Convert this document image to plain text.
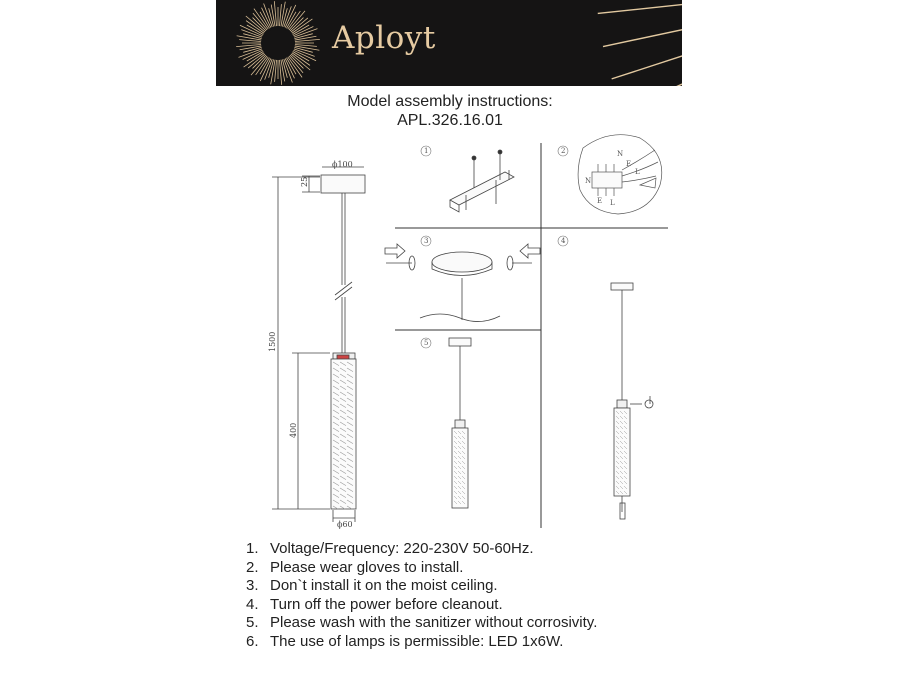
Aployt
Model assembly instructions:
APL.326.16.01
ϕ100
25
1500
400
ϕ60
1	2	N
E
L
N
E L
3	4
5
1. Voltage/Frequency: 220-230V 50-60Hz.
2. Please wear gloves to install.
3. Don`t install it on the moist ceiling.
4. Turn off the power before cleanout.
5. Please wash with the sanitizer without corrosivity.
6. The use of lamps is permissible: LED 1x6W.
